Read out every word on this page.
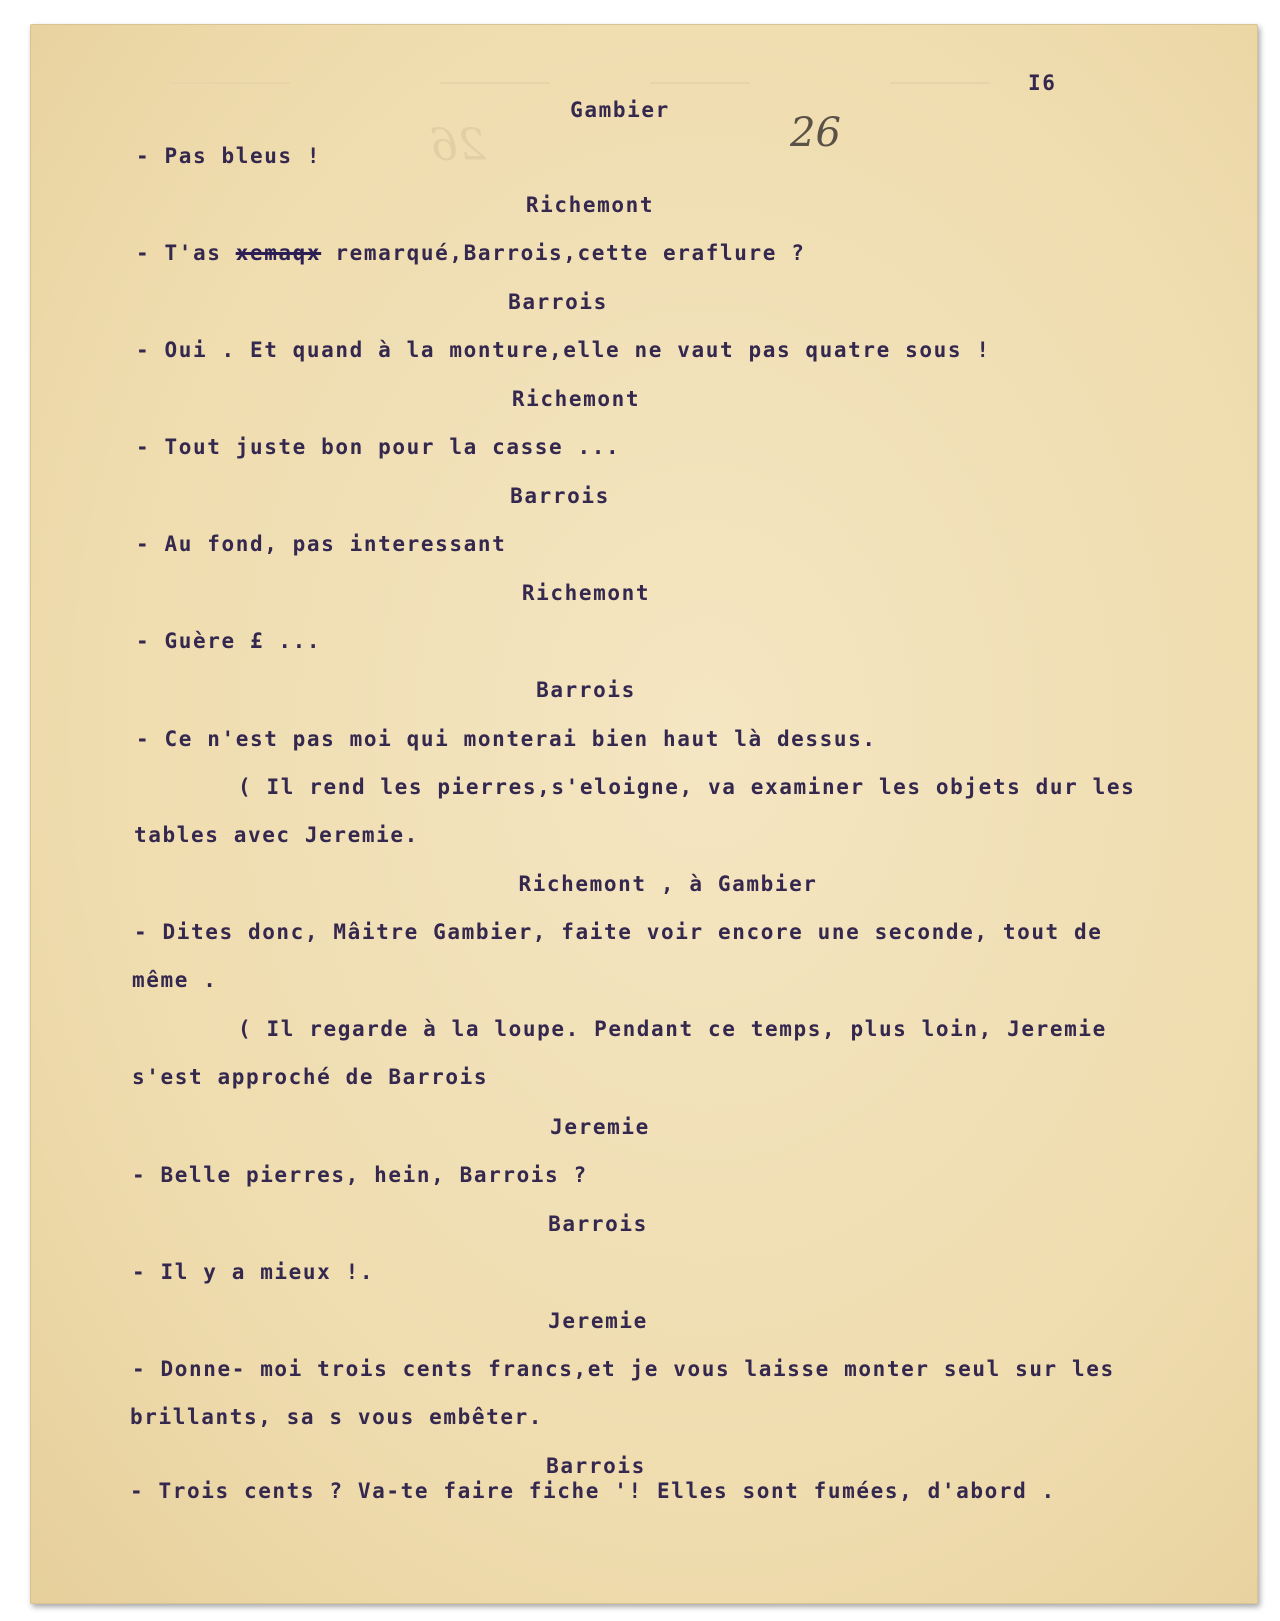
26
I6
26
Gambier
- Pas bleus !
Richemont
- T'as xemaqx remarqué,Barrois,cette eraflure ?
Barrois
- Oui . Et quand à la monture,elle ne vaut pas quatre sous !
Richemont
- Tout juste bon pour la casse ...
Barrois
- Au fond, pas interessant
Richemont
- Guère £ ...
Barrois
- Ce n'est pas moi qui monterai bien haut là dessus.
( Il rend les pierres,s'eloigne, va examiner les objets dur les
tables avec Jeremie.
Richemont , à Gambier
- Dites donc, Mâitre Gambier, faite voir encore une seconde, tout de
même .
( Il regarde à la loupe. Pendant ce temps, plus loin, Jeremie
s'est approché de Barrois
Jeremie
- Belle pierres, hein, Barrois ?
Barrois
- Il y a mieux !.
Jeremie
- Donne- moi trois cents francs,et je vous laisse monter seul sur les
brillants, sa s vous embêter.
Barrois
- Trois cents ? Va-te faire fiche '! Elles sont fumées, d'abord .
